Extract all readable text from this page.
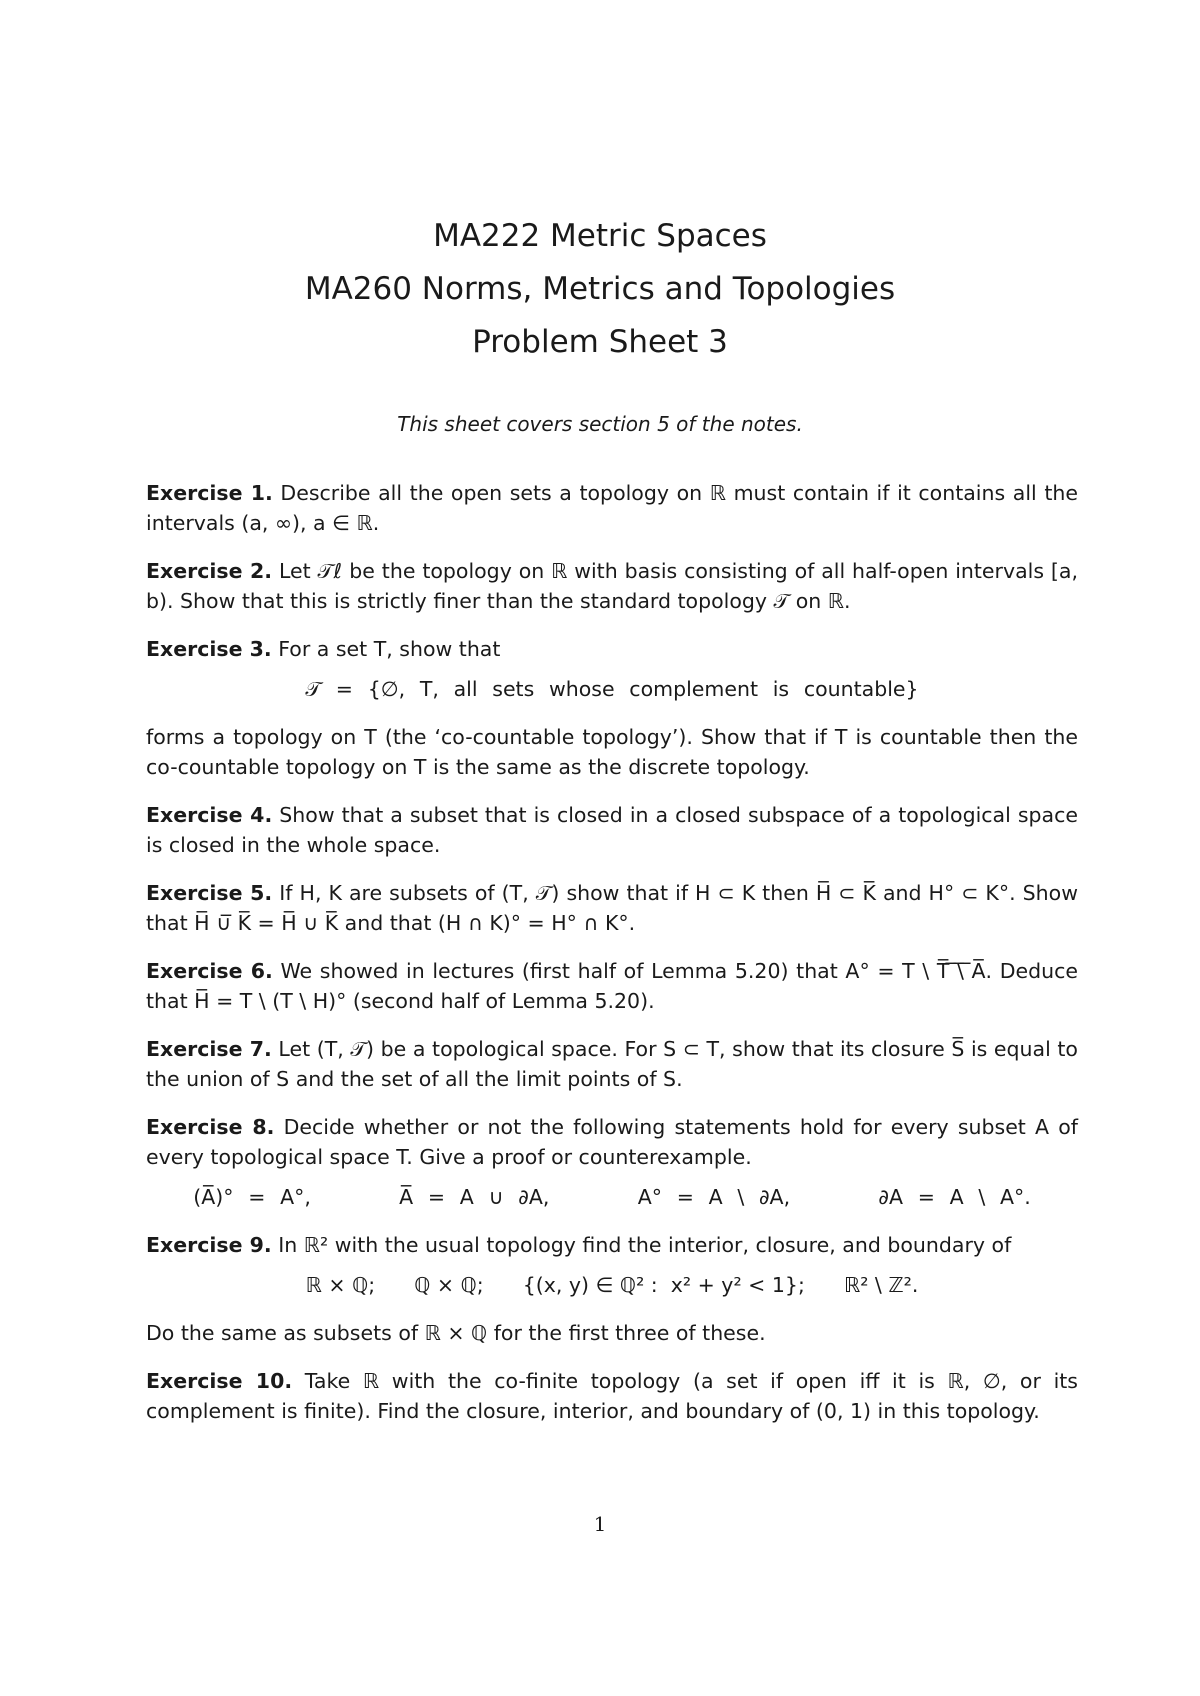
MA222 Metric Spaces
MA260 Norms, Metrics and Topologies
Problem Sheet 3
This sheet covers section 5 of the notes.

Exercise 1. Describe all the open sets a topology on ℝ must contain if it contains all the intervals (a, ∞), a ∈ ℝ.

Exercise 2. Let 𝒯ℓ be the topology on ℝ with basis consisting of all half-open intervals [a, b). Show that this is strictly finer than the standard topology 𝒯 on ℝ.

Exercise 3. For a set T, show that

𝒯 = {∅, T, all sets whose complement is countable}

forms a topology on T (the ‘co-countable topology’). Show that if T is countable then the co-countable topology on T is the same as the discrete topology.

Exercise 4. Show that a subset that is closed in a closed subspace of a topological space is closed in the whole space.

Exercise 5. If H, K are subsets of (T, 𝒯) show that if H ⊂ K then H̅ ⊂ K̅ and H° ⊂ K°. Show that H̅ ∪̅ K̅ = H̅ ∪ K̅ and that (H ∩ K)° = H° ∩ K°.

Exercise 6. We showed in lectures (first half of Lemma 5.20) that A° = T \ T̅ ̅\̅ ̅A̅. Deduce that H̅ = T \ (T \ H)° (second half of Lemma 5.20).

Exercise 7. Let (T, 𝒯) be a topological space. For S ⊂ T, show that its closure S̅ is equal to the union of S and the set of all the limit points of S.

Exercise 8. Decide whether or not the following statements hold for every subset A of every topological space T. Give a proof or counterexample.

(A̅)° = A°,      A̅ = A ∪ ∂A,      A° = A \ ∂A,      ∂A = A \ A°.

Exercise 9. In ℝ² with the usual topology find the interior, closure, and boundary of

ℝ × ℚ;      ℚ × ℚ;      {(x, y) ∈ ℚ² :  x² + y² < 1};      ℝ² \ ℤ².

Do the same as subsets of ℝ × ℚ for the first three of these.

Exercise 10. Take ℝ with the co-finite topology (a set if open iff it is ℝ, ∅, or its complement is finite). Find the closure, interior, and boundary of (0, 1) in this topology.

1
